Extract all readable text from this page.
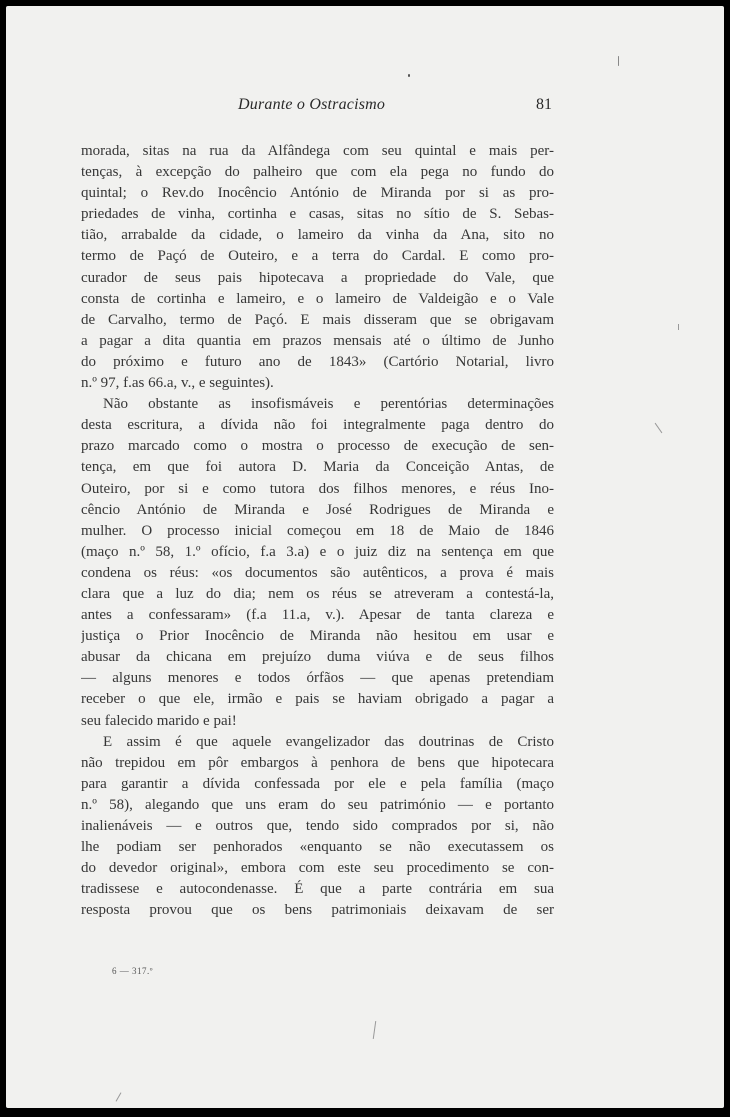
Durante o Ostracismo	81
morada, sitas na rua da Alfândega com seu quintal e mais per-
tenças, à excepção do palheiro que com ela pega no fundo do
quintal; o Rev.do Inocêncio António de Miranda por si as pro-
priedades de vinha, cortinha e casas, sitas no sítio de S. Sebas-
tião, arrabalde da cidade, o lameiro da vinha da Ana, sito no
termo de Paçó de Outeiro, e a terra do Cardal. E como pro-
curador de seus pais hipotecava a propriedade do Vale, que
consta de cortinha e lameiro, e o lameiro de Valdeigão e o Vale
de Carvalho, termo de Paçó. E mais disseram que se obrigavam
a pagar a dita quantia em prazos mensais até o último de Junho
do próximo e futuro ano de 1843» (Cartório Notarial, livro
n.º 97, f.as 66.a, v., e seguintes).
Não obstante as insofismáveis e perentórias determinações
desta escritura, a dívida não foi integralmente paga dentro do
prazo marcado como o mostra o processo de execução de sen-
tença, em que foi autora D. Maria da Conceição Antas, de
Outeiro, por si e como tutora dos filhos menores, e réus Ino-
cêncio António de Miranda e José Rodrigues de Miranda e
mulher. O processo inicial começou em 18 de Maio de 1846
(maço n.º 58, 1.º ofício, f.a 3.a) e o juiz diz na sentença em que
condena os réus: «os documentos são autênticos, a prova é mais
clara que a luz do dia; nem os réus se atreveram a contestá-la,
antes a confessaram» (f.a 11.a, v.). Apesar de tanta clareza e
justiça o Prior Inocêncio de Miranda não hesitou em usar e
abusar da chicana em prejuízo duma viúva e de seus filhos
— alguns menores e todos órfãos — que apenas pretendiam
receber o que ele, irmão e pais se haviam obrigado a pagar a
seu falecido marido e pai!
E assim é que aquele evangelizador das doutrinas de Cristo
não trepidou em pôr embargos à penhora de bens que hipotecara
para garantir a dívida confessada por ele e pela família (maço
n.º 58), alegando que uns eram do seu património — e portanto
inalienáveis — e outros que, tendo sido comprados por si, não
lhe podiam ser penhorados «enquanto se não executassem os
do devedor original», embora com este seu procedimento se con-
tradissese e autocondenasse. É que a parte contrária em sua
resposta provou que os bens patrimoniais deixavam de ser
6 — 317.º
